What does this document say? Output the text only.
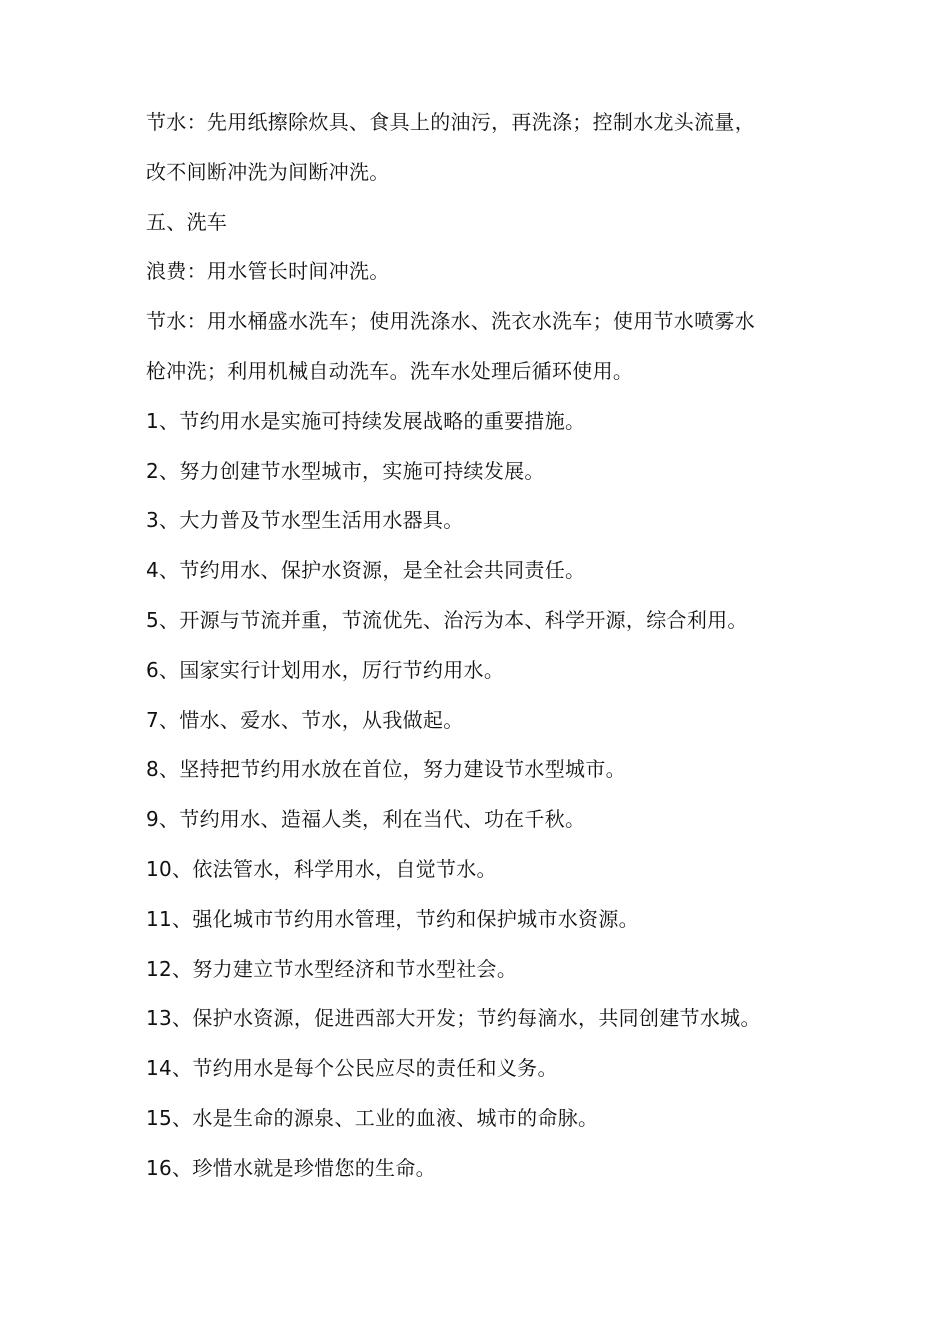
节水：先用纸擦除炊具、食具上的油污，再洗涤；控制水龙头流量，
改不间断冲洗为间断冲洗。
五、洗车
浪费：用水管长时间冲洗。
节水：用水桶盛水洗车；使用洗涤水、洗衣水洗车；使用节水喷雾水
枪冲洗；利用机械自动洗车。洗车水处理后循环使用。
1、节约用水是实施可持续发展战略的重要措施。
2、努力创建节水型城市，实施可持续发展。
3、大力普及节水型生活用水器具。
4、节约用水、保护水资源，是全社会共同责任。
5、开源与节流并重，节流优先、治污为本、科学开源，综合利用。
6、国家实行计划用水，厉行节约用水。
7、惜水、爱水、节水，从我做起。
8、坚持把节约用水放在首位，努力建设节水型城市。
9、节约用水、造福人类，利在当代、功在千秋。
10、依法管水，科学用水，自觉节水。
11、强化城市节约用水管理，节约和保护城市水资源。
12、努力建立节水型经济和节水型社会。
13、保护水资源，促进西部大开发；节约每滴水，共同创建节水城。
14、节约用水是每个公民应尽的责任和义务。
15、水是生命的源泉、工业的血液、城市的命脉。
16、珍惜水就是珍惜您的生命。
